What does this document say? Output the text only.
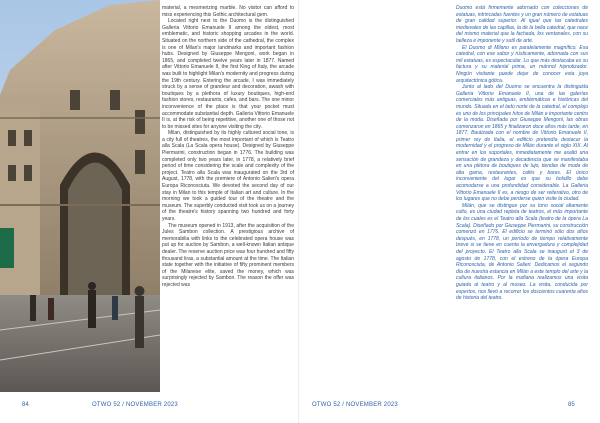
material, a mesmerizing marble. No visitor can afford to miss experiencing this Gothic architectural gem.

Located right next to the Duomo is the distinguished Galleria Vittorio Emanuele II among the oldest, most emblematic, and historic shopping arcades in the world. Situated on the northern side of the cathedral, the complex is one of Milan's major landmarks and important fashion hubs. Designed by Giuseppe Mengoni, work began in 1865, and completed twelve years later in 1877. Named after Vittorio Emanuele II, the first King of Italy, the arcade was built to highlight Milan's modernity and progress during the 19th century. Entering the arcade, I was immediately struck by a sense of grandeur and decoration, awash with boutiques by a plethora of luxury boutiques, high-end fashion stores, restaurants, cafes, and bars. The one minor inconvenience of the place is that your pocket must accommodate substantial depth. Galleria Vittorio Emanuele II is, at the risk of being repetitive, another one of those not to be missed sites for anyone visiting the city.

Milan, distinguished by its highly cultured social tone, is a city full of theatres, the most important of which is Teatro alla Scala (La Scala opera house). Designed by Giuseppe Piermarini, construction began in 1776. The building was completed only two years later, in 1778, a relatively brief period of time considering the scale and complexity of the project. Teatro alla Scala was inaugurated on the 3rd of August, 1778, with the premiere of Antonio Salieri's opera Europa Riconosciuta. We devoted the second day of our stay in Milan to this temple of Italian art and culture. In the morning we took a guided tour of the theatre and the museum. The superbly conducted visit took us on a journey of the theatre's history spanning two hundred and forty years.

The museum opened in 1913, after the acquisition of the Jules Sambon collection. A prestigious archive of memorabilia with links to the celebrated opera house was put up for auction by Sambon, a well-known Italian antique dealer. The reserve auction price was four hundred and fifty thousand liras, a substantial amount at the time. The Italian state together with the initiative of fifty prominent members of the Milanese elite, saved the money, which was surprisingly rejected by Sambon. The reason the offer was rejected was

84	OTWO 52 / NOVEMBER 2023

Duomo está firmemente adornado con colecciones de estatuas, intrincadas fuentes y un gran número de estatuas de gran calidad superior. Al igual que las catedrales medievales de las capillas, la de la bella catedral, que nace del mismo material que la fachada, los ventanales, con su belleza e imponente y sutil de arte.

El Duomo di Milano es paralelamente magnífico. Esa catedral, con ese sabor y rústicamente, adornada con sus mil estatuas, es espectacular. Lo que más destacaba es su factura y su material prima, un mármol hipnotizador. Ningún visitante puede dejar de conocer esta joya arquitectónica gótica.

Junto al lado del Duomo se encuentra la distinguida Galleria Vittorio Emanuele II, una de las galerías comerciales más antiguas, emblemáticas e históricas del mundo. Situada en el lado norte de la catedral, el complejo es uno de los principales hitos de Milán e importante centro de la moda. Diseñada por Giuseppe Mengoni, las obras comenzaron en 1865 y finalizaron doce años más tarde, en 1877. Bautizada con el nombre de Vittorio Emanuele II, primer rey de Italia, el edificio pretendía destacar la modernidad y el progreso de Milán durante el siglo XIX. Al entrar en los soportales, inmediatamente me asaltó una sensación de grandeza y decadencia que se manifestaba en una plétora de boutiques de lujo, tiendas de moda de alta gama, restaurantes, cafés y bares. El único inconveniente del lugar es que su bolsillo debe acomodarse a una profundidad considerable. La Galleria Vittorio Emanuele II es, a riesgo de ser reiterativo, otro de los lugares que no debe perderse quien visite la ciudad.

Milán, que se distingue por su tono social altamente culto, es una ciudad repleta de teatros, el más importante de los cuales es el Teatro alla Scala (teatro de la ópera La Scala). Diseñado por Giuseppe Piermarini, su construcción comenzó en 1776. El edificio se terminó sólo dos años después, en 1778, un período de tiempo relativamente breve si se tiene en cuenta la envergadura y complejidad del proyecto. El Teatro alla Scala se inauguró el 3 de agosto de 1778, con el estreno de la ópera Europa Riconosciuta, de Antonio Salieri. Dedicamos el segundo día de nuestra estancia en Milán a este templo del arte y la cultura italianos. Por la mañana realizamos una visita guiada al teatro y al museo. La visita, conducida por expertos, nos llevó a recorrer los doscientos cuarenta años de historia del teatro.

OTWO 52 / NOVEMBER 2023	85
